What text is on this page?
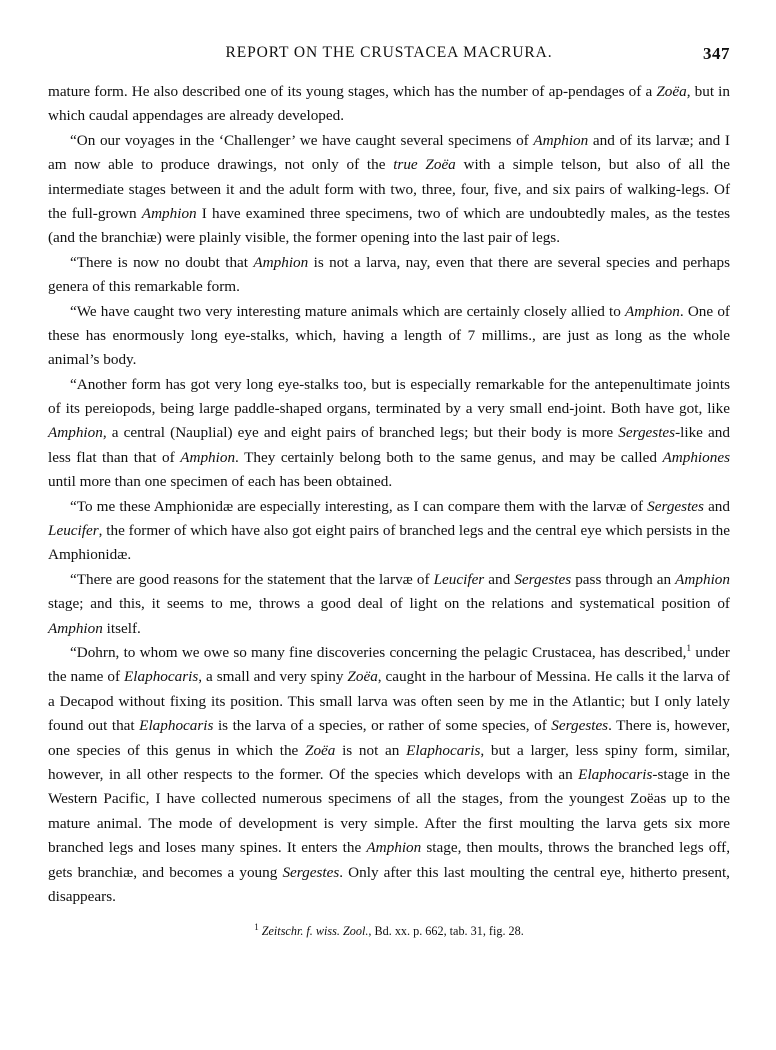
REPORT ON THE CRUSTACEA MACRURA.	347

mature form. He also described one of its young stages, which has the number of ap-pendages of a Zoëa, but in which caudal appendages are already developed.

“On our voyages in the ‘Challenger’ we have caught several specimens of Amphion and of its larvæ; and I am now able to produce drawings, not only of the true Zoëa with a simple telson, but also of all the intermediate stages between it and the adult form with two, three, four, five, and six pairs of walking-legs. Of the full-grown Amphion I have examined three specimens, two of which are undoubtedly males, as the testes (and the branchiæ) were plainly visible, the former opening into the last pair of legs.

“There is now no doubt that Amphion is not a larva, nay, even that there are several species and perhaps genera of this remarkable form.

“We have caught two very interesting mature animals which are certainly closely allied to Amphion. One of these has enormously long eye-stalks, which, having a length of 7 millims., are just as long as the whole animal’s body.

“Another form has got very long eye-stalks too, but is especially remarkable for the antepenultimate joints of its pereiopods, being large paddle-shaped organs, terminated by a very small end-joint. Both have got, like Amphion, a central (Nauplial) eye and eight pairs of branched legs; but their body is more Sergestes-like and less flat than that of Amphion. They certainly belong both to the same genus, and may be called Amphiones until more than one specimen of each has been obtained.

“To me these Amphionidæ are especially interesting, as I can compare them with the larvæ of Sergestes and Leucifer, the former of which have also got eight pairs of branched legs and the central eye which persists in the Amphionidæ.

“There are good reasons for the statement that the larvæ of Leucifer and Sergestes pass through an Amphion stage; and this, it seems to me, throws a good deal of light on the relations and systematical position of Amphion itself.

“Dohrn, to whom we owe so many fine discoveries concerning the pelagic Crustacea, has described,$^1$ under the name of Elaphocaris, a small and very spiny Zoëa, caught in the harbour of Messina. He calls it the larva of a Decapod without fixing its position. This small larva was often seen by me in the Atlantic; but I only lately found out that Elaphocaris is the larva of a species, or rather of some species, of Sergestes. There is, however, one species of this genus in which the Zoëa is not an Elaphocaris, but a larger, less spiny form, similar, however, in all other respects to the former. Of the species which develops with an Elaphocaris-stage in the Western Pacific, I have collected numerous specimens of all the stages, from the youngest Zoëas up to the mature animal. The mode of development is very simple. After the first moulting the larva gets six more branched legs and loses many spines. It enters the Amphion stage, then moults, throws the branched legs off, gets branchiæ, and becomes a young Sergestes. Only after this last moulting the central eye, hitherto present, disappears.

$^1$ Zeitschr. f. wiss. Zool., Bd. xx. p. 662, tab. 31, fig. 28.
